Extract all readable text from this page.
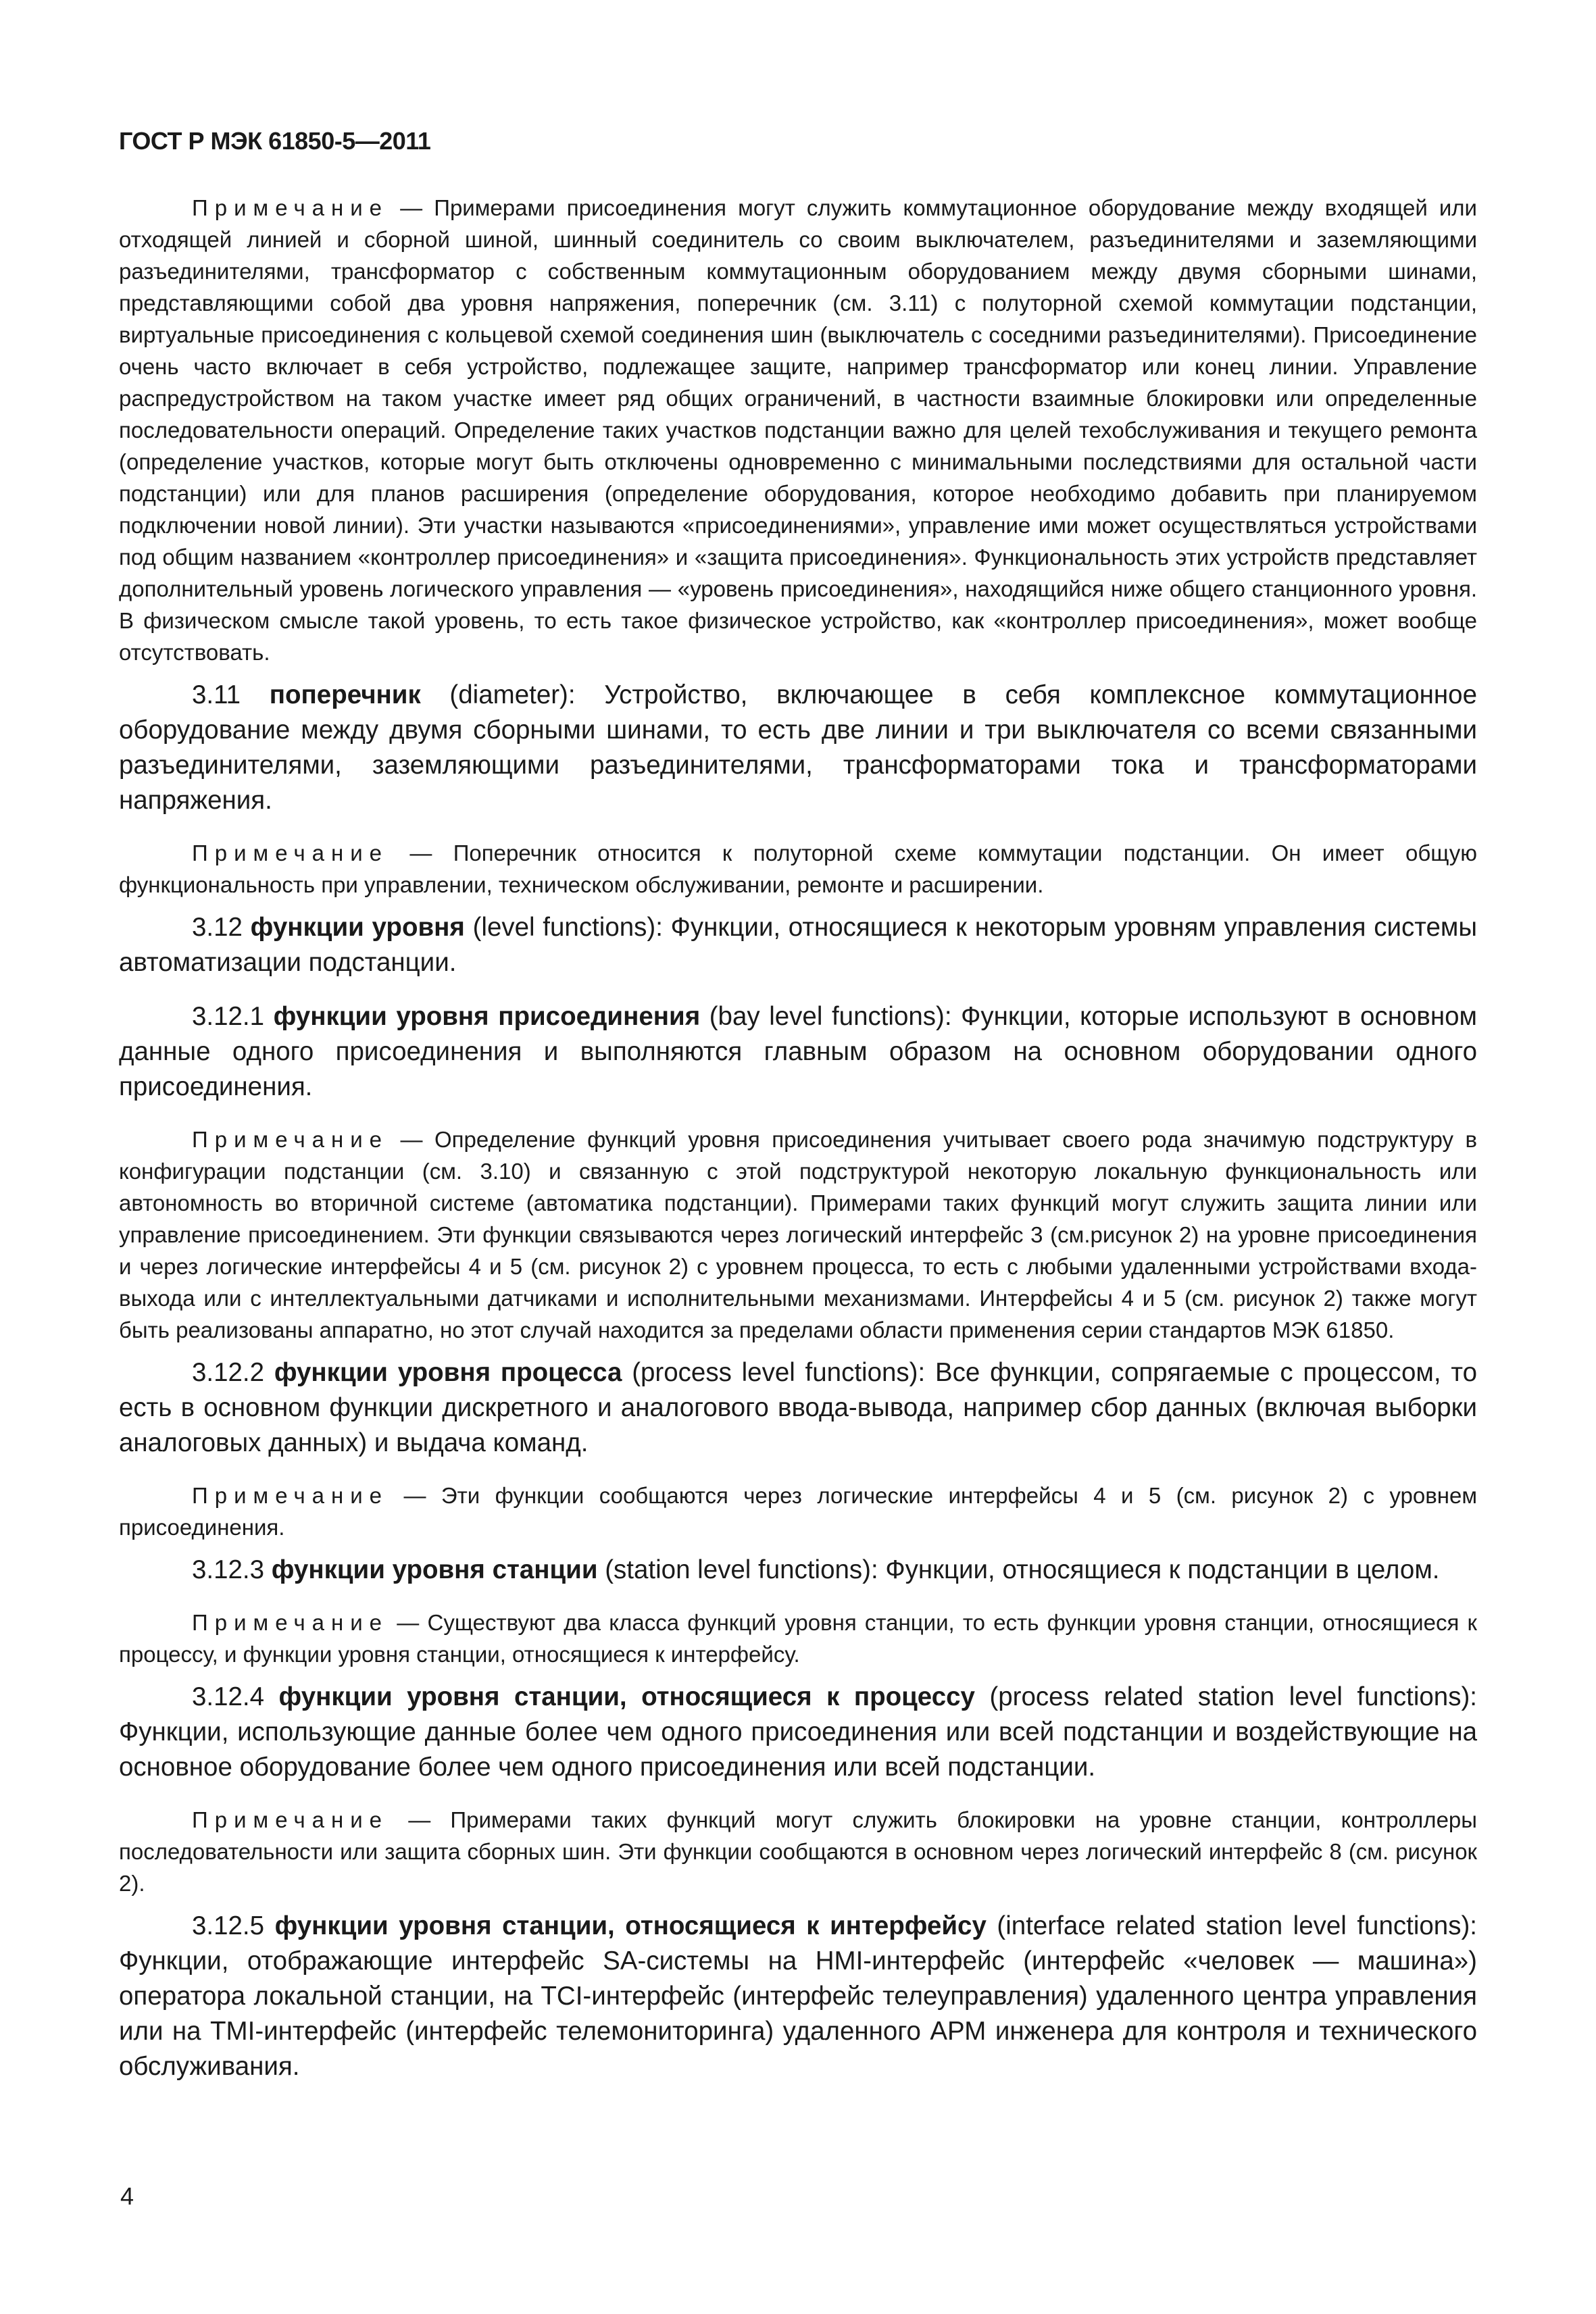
ГОСТ Р МЭК 61850-5—2011

Примечание — Примерами присоединения могут служить коммутационное оборудование между входящей или отходящей линией и сборной шиной, шинный соединитель со своим выключателем, разъединителями и заземляющими разъединителями, трансформатор с собственным коммутационным оборудованием между двумя сборными шинами, представляющими собой два уровня напряжения, поперечник (см. 3.11) с полуторной схемой коммутации подстанции, виртуальные присоединения с кольцевой схемой соединения шин (выключатель с соседними разъединителями). Присоединение очень часто включает в себя устройство, подлежащее защите, например трансформатор или конец линии. Управление распредустройством на таком участке имеет ряд общих ограничений, в частности взаимные блокировки или определенные последовательности операций. Определение таких участков подстанции важно для целей техобслуживания и текущего ремонта (определение участков, которые могут быть отключены одновременно с минимальными последствиями для остальной части подстанции) или для планов расширения (определение оборудования, которое необходимо добавить при планируемом подключении новой линии). Эти участки называются «присоединениями», управление ими может осуществляться устройствами под общим названием «контроллер присоединения» и «защита присоединения». Функциональность этих устройств представляет дополнительный уровень логического управления — «уровень присоединения», находящийся ниже общего станционного уровня. В физическом смысле такой уровень, то есть такое физическое устройство, как «контроллер присоединения», может вообще отсутствовать.

3.11 поперечник (diameter): Устройство, включающее в себя комплексное коммутационное оборудование между двумя сборными шинами, то есть две линии и три выключателя со всеми связанными разъединителями, заземляющими разъединителями, трансформаторами тока и трансформаторами напряжения.

Примечание — Поперечник относится к полуторной схеме коммутации подстанции. Он имеет общую функциональность при управлении, техническом обслуживании, ремонте и расширении.

3.12 функции уровня (level functions): Функции, относящиеся к некоторым уровням управления системы автоматизации подстанции.

3.12.1 функции уровня присоединения (bay level functions): Функции, которые используют в основном данные одного присоединения и выполняются главным образом на основном оборудовании одного присоединения.

Примечание — Определение функций уровня присоединения учитывает своего рода значимую подструктуру в конфигурации подстанции (см. 3.10) и связанную с этой подструктурой некоторую локальную функциональность или автономность во вторичной системе (автоматика подстанции). Примерами таких функций могут служить защита линии или управление присоединением. Эти функции связываются через логический интерфейс 3 (см.рисунок 2) на уровне присоединения и через логические интерфейсы 4 и 5 (см. рисунок 2) с уровнем процесса, то есть с любыми удаленными устройствами входа-выхода или с интеллектуальными датчиками и исполнительными механизмами. Интерфейсы 4 и 5 (см. рисунок 2) также могут быть реализованы аппаратно, но этот случай находится за пределами области применения серии стандартов МЭК 61850.

3.12.2 функции уровня процесса (process level functions): Все функции, сопрягаемые с процессом, то есть в основном функции дискретного и аналогового ввода-вывода, например сбор данных (включая выборки аналоговых данных) и выдача команд.

Примечание — Эти функции сообщаются через логические интерфейсы 4 и 5 (см. рисунок 2) с уровнем присоединения.

3.12.3 функции уровня станции (station level functions): Функции, относящиеся к подстанции в целом.

Примечание — Существуют два класса функций уровня станции, то есть функции уровня станции, относящиеся к процессу, и функции уровня станции, относящиеся к интерфейсу.

3.12.4 функции уровня станции, относящиеся к процессу (process related station level functions): Функции, использующие данные более чем одного присоединения или всей подстанции и воздействующие на основное оборудование более чем одного присоединения или всей подстанции.

Примечание — Примерами таких функций могут служить блокировки на уровне станции, контроллеры последовательности или защита сборных шин. Эти функции сообщаются в основном через логический интерфейс 8 (см. рисунок 2).

3.12.5 функции уровня станции, относящиеся к интерфейсу (interface related station level functions): Функции, отображающие интерфейс SA-системы на HMI-интерфейс (интерфейс «человек — машина») оператора локальной станции, на TCI-интерфейс (интерфейс телеуправления) удаленного центра управления или на TMI-интерфейс (интерфейс телемониторинга) удаленного АРМ инженера для контроля и технического обслуживания.

4
